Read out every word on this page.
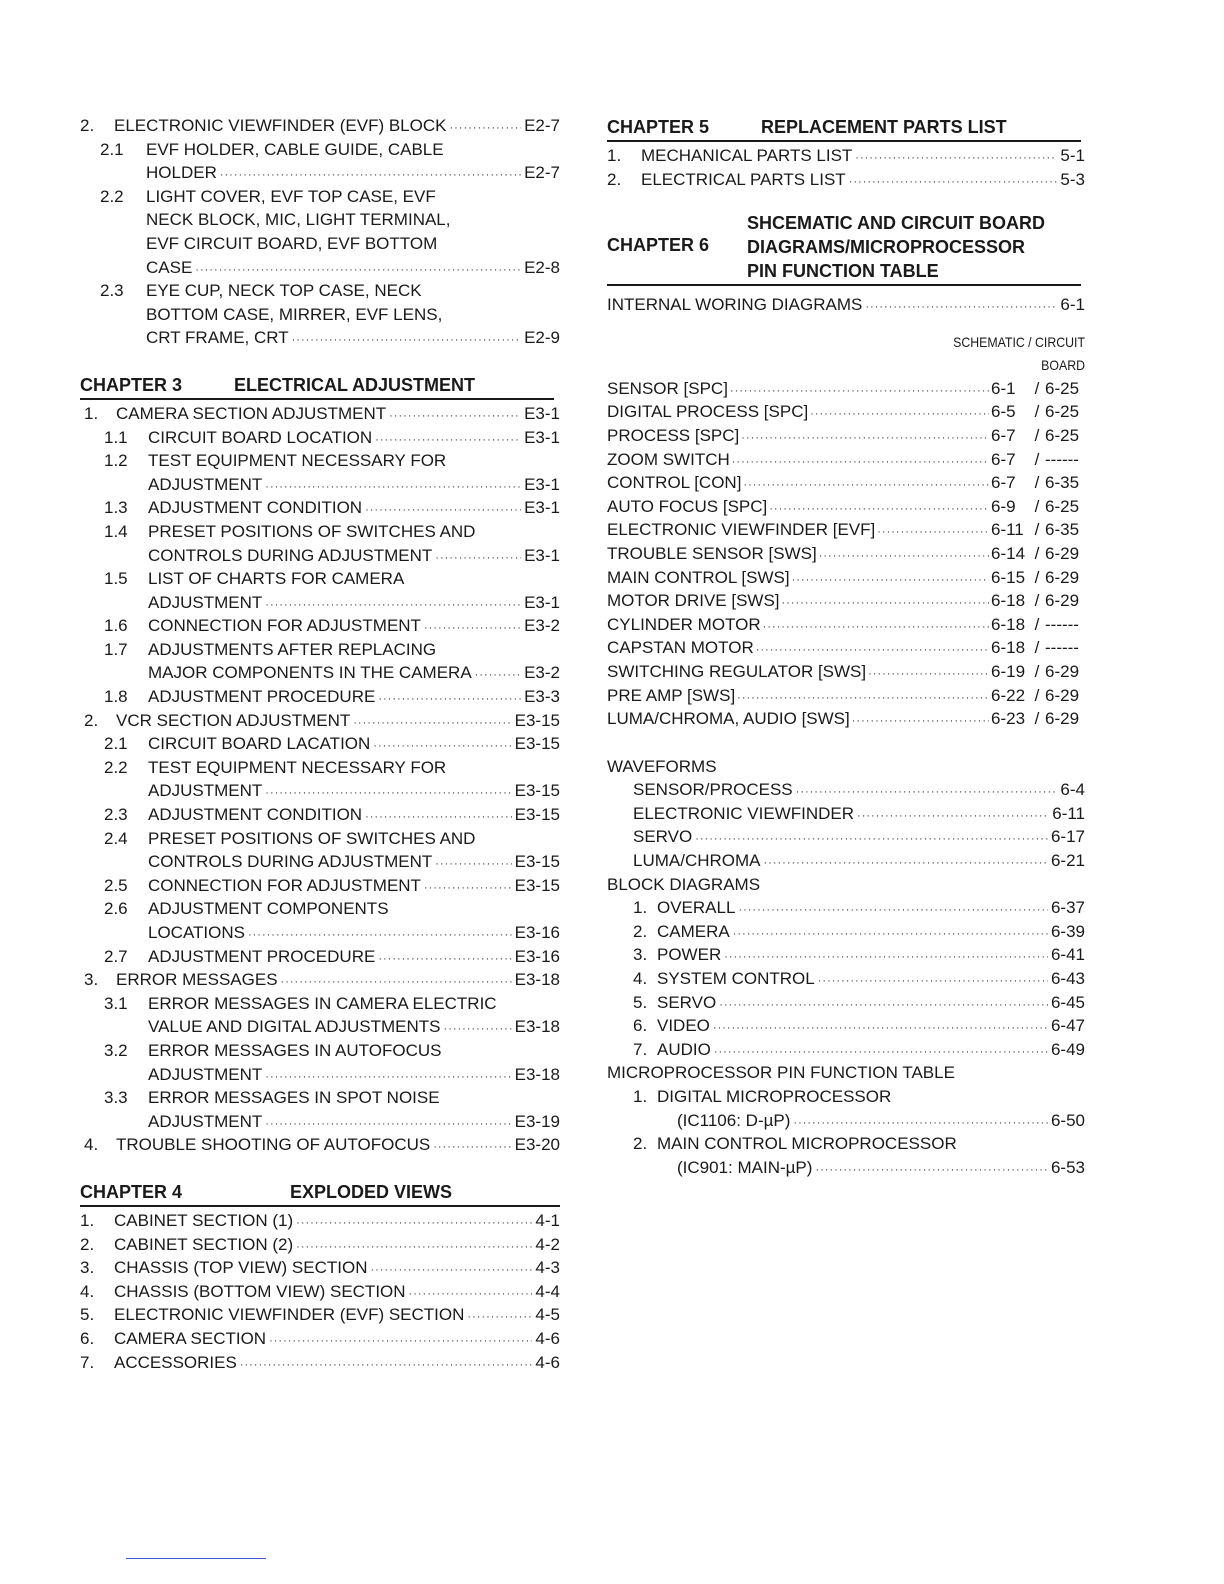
2.	ELECTRONIC VIEWFINDER (EVF) BLOCK ·····	E2-7
2.1	EVF HOLDER, CABLE GUIDE, CABLE
HOLDER ·····	E2-7
2.2	LIGHT COVER, EVF TOP CASE, EVF
NECK BLOCK, MIC, LIGHT TERMINAL,
EVF CIRCUIT BOARD, EVF BOTTOM
CASE ·····	E2-8
2.3	EYE CUP, NECK TOP CASE, NECK
BOTTOM CASE, MIRRER, EVF LENS,
CRT FRAME, CRT ·····	E2-9
CHAPTER 3	ELECTRICAL ADJUSTMENT
1.	CAMERA SECTION ADJUSTMENT ·····	E3-1
1.1	CIRCUIT BOARD LOCATION ·····	E3-1
1.2	TEST EQUIPMENT NECESSARY FOR
ADJUSTMENT ·····	E3-1
1.3	ADJUSTMENT CONDITION ·····	E3-1
1.4	PRESET POSITIONS OF SWITCHES AND
CONTROLS DURING ADJUSTMENT ·····	E3-1
1.5	LIST OF CHARTS FOR CAMERA
ADJUSTMENT ·····	E3-1
1.6	CONNECTION FOR ADJUSTMENT ·····	E3-2
1.7	ADJUSTMENTS AFTER REPLACING
MAJOR COMPONENTS IN THE CAMERA ·····	E3-2
1.8	ADJUSTMENT PROCEDURE ·····	E3-3
2.	VCR SECTION ADJUSTMENT ·····	E3-15
2.1	CIRCUIT BOARD LACATION ·····	E3-15
2.2	TEST EQUIPMENT NECESSARY FOR
ADJUSTMENT ·····	E3-15
2.3	ADJUSTMENT CONDITION ·····	E3-15
2.4	PRESET POSITIONS OF SWITCHES AND
CONTROLS DURING ADJUSTMENT ·····	E3-15
2.5	CONNECTION FOR ADJUSTMENT ·····	E3-15
2.6	ADJUSTMENT COMPONENTS
LOCATIONS ·····	E3-16
2.7	ADJUSTMENT PROCEDURE ·····	E3-16
3.	ERROR MESSAGES ·····	E3-18
3.1	ERROR MESSAGES IN CAMERA ELECTRIC
VALUE AND DIGITAL ADJUSTMENTS ·····	E3-18
3.2	ERROR MESSAGES IN AUTOFOCUS
ADJUSTMENT ·····	E3-18
3.3	ERROR MESSAGES IN SPOT NOISE
ADJUSTMENT ·····	E3-19
4.	TROUBLE SHOOTING OF AUTOFOCUS ·····	E3-20
CHAPTER 4	EXPLODED VIEWS
1.	CABINET SECTION (1) ·····	4-1
2.	CABINET SECTION (2) ·····	4-2
3.	CHASSIS (TOP VIEW) SECTION ·····	4-3
4.	CHASSIS (BOTTOM VIEW) SECTION ·····	4-4
5.	ELECTRONIC VIEWFINDER (EVF) SECTION ·····	4-5
6.	CAMERA SECTION ·····	4-6
7.	ACCESSORIES ·····	4-6
CHAPTER 5	REPLACEMENT PARTS LIST
1.	MECHANICAL PARTS LIST ·····	5-1
2.	ELECTRICAL PARTS LIST ·····	5-3
CHAPTER 6
SHCEMATIC AND CIRCUIT BOARD
DIAGRAMS/MICROPROCESSOR
PIN FUNCTION TABLE
INTERNAL WORING DIAGRAMS ·····	6-1
SCHEMATIC / CIRCUIT
BOARD
SENSOR [SPC] ·····	6-1	/ 6-25
DIGITAL PROCESS [SPC] ·····	6-5	/ 6-25
PROCESS [SPC] ·····	6-7	/ 6-25
ZOOM SWITCH ·····	6-7	/ ------
CONTROL [CON] ·····	6-7	/ 6-35
AUTO FOCUS [SPC] ·····	6-9	/ 6-25
ELECTRONIC VIEWFINDER [EVF] ·····	6-11 / 6-35
TROUBLE SENSOR [SWS] ·····	6-14 / 6-29
MAIN CONTROL [SWS] ·····	6-15 / 6-29
MOTOR DRIVE [SWS] ·····	6-18 / 6-29
CYLINDER MOTOR ·····	6-18 / ------
CAPSTAN MOTOR ·····	6-18 / ------
SWITCHING REGULATOR [SWS] ·····	6-19 / 6-29
PRE AMP [SWS] ·····	6-22 / 6-29
LUMA/CHROMA, AUDIO [SWS] ·····	6-23 / 6-29
WAVEFORMS
SENSOR/PROCESS ·····	6-4
ELECTRONIC VIEWFINDER ·····	6-11
SERVO ·····	6-17
LUMA/CHROMA ·····	6-21
BLOCK DIAGRAMS
1. OVERALL ·····	6-37
2. CAMERA ·····	6-39
3. POWER ·····	6-41
4. SYSTEM CONTROL ·····	6-43
5. SERVO ·····	6-45
6. VIDEO ·····	6-47
7. AUDIO ·····	6-49
MICROPROCESSOR PIN FUNCTION TABLE
1. DIGITAL MICROPROCESSOR
(IC1106: D-µP) ·····	6-50
2. MAIN CONTROL MICROPROCESSOR
(IC901: MAIN-µP) ·····	6-53
